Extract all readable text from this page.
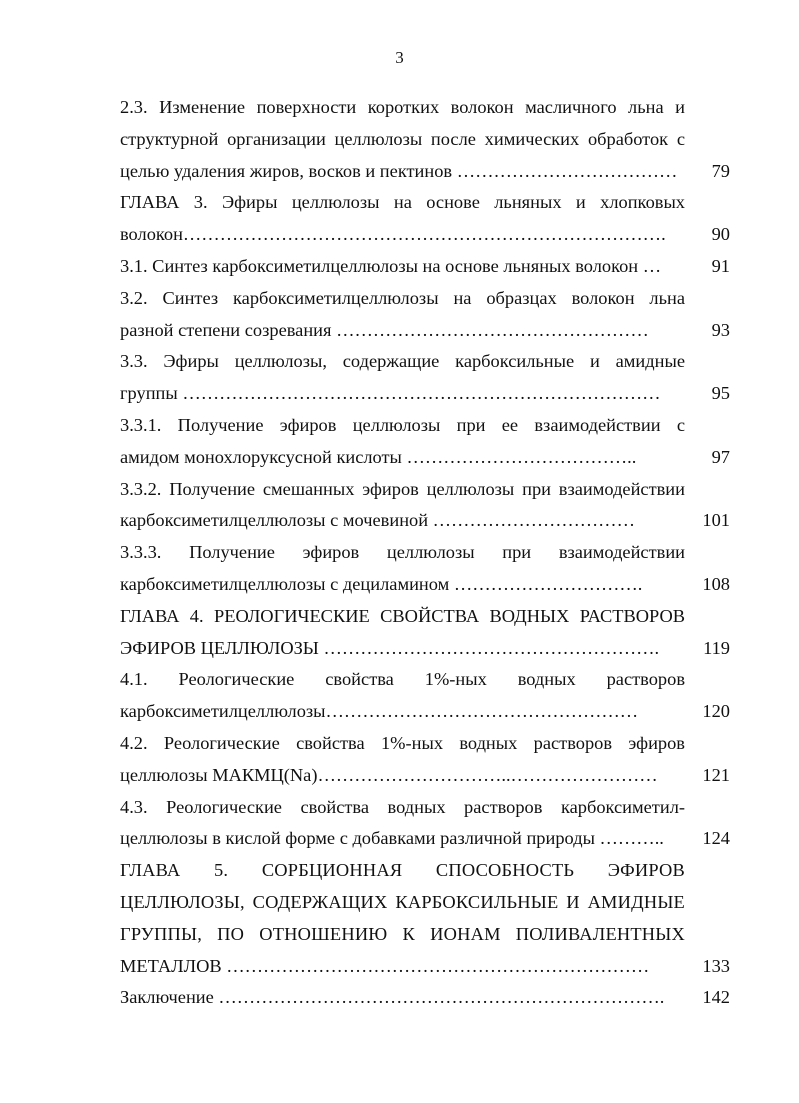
3
2.3. Изменение поверхности коротких волокон масличного льна и
структурной организации целлюлозы после химических обработок с
целью удаления жиров, восков и пектинов ………………………………	79
ГЛАВА 3. Эфиры целлюлозы на основе льняных и хлопковых
волокон…………………………………………………………………….	90
3.1. Синтез карбоксиметилцеллюлозы на основе льняных волокон …	91
3.2. Синтез карбоксиметилцеллюлозы на образцах волокон льна
разной степени созревания ……………………………………………	93
3.3. Эфиры целлюлозы, содержащие карбоксильные и амидные
группы ……………………………………………………………………	95
3.3.1. Получение эфиров целлюлозы при ее взаимодействии с
амидом монохлоруксусной кислоты ………………………………..	97
3.3.2. Получение смешанных эфиров целлюлозы при взаимодействии
карбоксиметилцеллюлозы с мочевиной ……………………………	101
3.3.3. Получение эфиров целлюлозы при взаимодействии
карбоксиметилцеллюлозы с дециламином ………………………….	108
ГЛАВА 4. РЕОЛОГИЧЕСКИЕ СВОЙСТВА ВОДНЫХ РАСТВОРОВ
ЭФИРОВ ЦЕЛЛЮЛОЗЫ ……………………………………………….	119
4.1. Реологические свойства 1%-ных водных растворов
карбоксиметилцеллюлозы……………………………………………	120
4.2. Реологические свойства 1%-ных водных растворов эфиров
целлюлозы МАКМЦ(Na)…………………………..……………………	121
4.3. Реологические свойства водных растворов карбоксиметил-
целлюлозы в кислой форме с добавками различной природы ………..	124
ГЛАВА 5. СОРБЦИОННАЯ СПОСОБНОСТЬ ЭФИРОВ
ЦЕЛЛЮЛОЗЫ, СОДЕРЖАЩИХ КАРБОКСИЛЬНЫЕ И АМИДНЫЕ
ГРУППЫ, ПО ОТНОШЕНИЮ К ИОНАМ ПОЛИВАЛЕНТНЫХ
МЕТАЛЛОВ ……………………………………………………………	133
Заключение ……………………………………………………………….	142
